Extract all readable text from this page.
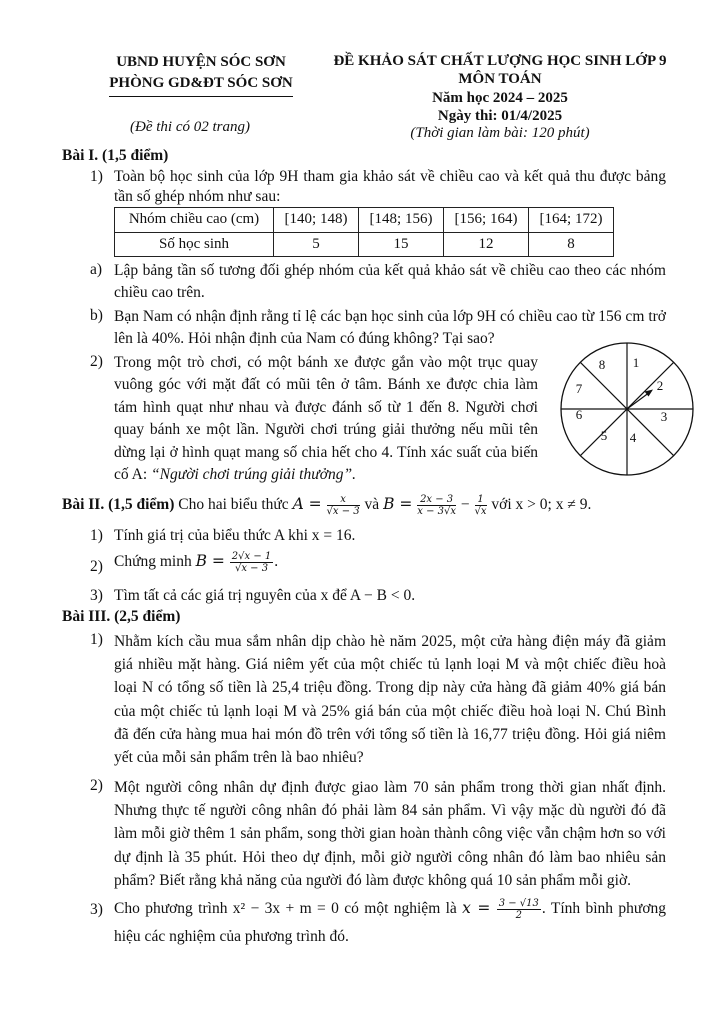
UBND HUYỆN SÓC SƠN
PHÒNG GD&ĐT SÓC SƠN
(Đề thi có 02 trang)
ĐỀ KHẢO SÁT CHẤT LƯỢNG HỌC SINH LỚP 9
MÔN TOÁN
Năm học 2024 – 2025
Ngày thi: 01/4/2025
(Thời gian làm bài: 120 phút)
Bài I. (1,5 điểm)
1) Toàn bộ học sinh của lớp 9H tham gia khảo sát về chiều cao và kết quả thu được bảng tần số ghép nhóm như sau:
Nhóm chiều cao (cm)	[140; 148)	[148; 156)	[156; 164)	[164; 172)
Số học sinh	5	15	12	8
a) Lập bảng tần số tương đối ghép nhóm của kết quả khảo sát về chiều cao theo các nhóm chiều cao trên.
b) Bạn Nam có nhận định rằng tỉ lệ các bạn học sinh của lớp 9H có chiều cao từ 156 cm trở lên là 40%. Hỏi nhận định của Nam có đúng không? Tại sao?
2) Trong một trò chơi, có một bánh xe được gắn vào một trục quay vuông góc với mặt đất có mũi tên ở tâm. Bánh xe được chia làm tám hình quạt như nhau và được đánh số từ 1 đến 8. Người chơi quay bánh xe một lần. Người chơi trúng giải thưởng nếu mũi tên dừng lại ở hình quạt mang số chia hết cho 4. Tính xác suất của biến cố A: “Người chơi trúng giải thưởng”.
1
2
3
4
5
6
7
8
Bài II. (1,5 điểm) Cho hai biểu thức $A = \frac{x}{√x - 3}$ và $B = \frac{2x - 3}{x - 3√x} - \frac{1}{√x}$ với x > 0; x ≠ 9.
1) Tính giá trị của biểu thức A khi x = 16.
2) Chứng minh $B = \frac{2√x - 1}{√x - 3}$ .
3) Tìm tất cả các giá trị nguyên của x để A − B < 0.
Bài III. (2,5 điểm)
1) Nhằm kích cầu mua sắm nhân dịp chào hè năm 2025, một cửa hàng điện máy đã giảm giá nhiều mặt hàng. Giá niêm yết của một chiếc tủ lạnh loại M và một chiếc điều hoà loại N có tổng số tiền là 25,4 triệu đồng. Trong dịp này cửa hàng đã giảm 40% giá bán của một chiếc tủ lạnh loại M và 25% giá bán của một chiếc điều hoà loại N. Chú Bình đã đến cửa hàng mua hai món đồ trên với tổng số tiền là 16,77 triệu đồng. Hỏi giá niêm yết của mỗi sản phẩm trên là bao nhiêu?
2) Một người công nhân dự định được giao làm 70 sản phẩm trong thời gian nhất định. Nhưng thực tế người công nhân đó phải làm 84 sản phẩm. Vì vậy mặc dù người đó đã làm mỗi giờ thêm 1 sản phẩm, song thời gian hoàn thành công việc vẫn chậm hơn so với dự định là 35 phút. Hỏi theo dự định, mỗi giờ người công nhân đó làm bao nhiêu sản phẩm? Biết rằng khả năng của người đó làm được không quá 10 sản phẩm mỗi giờ.
3) Cho phương trình x² − 3x + m = 0 có một nghiệm là $x = \frac{3 - √13}{2}$ . Tính bình phương hiệu các nghiệm của phương trình đó.
